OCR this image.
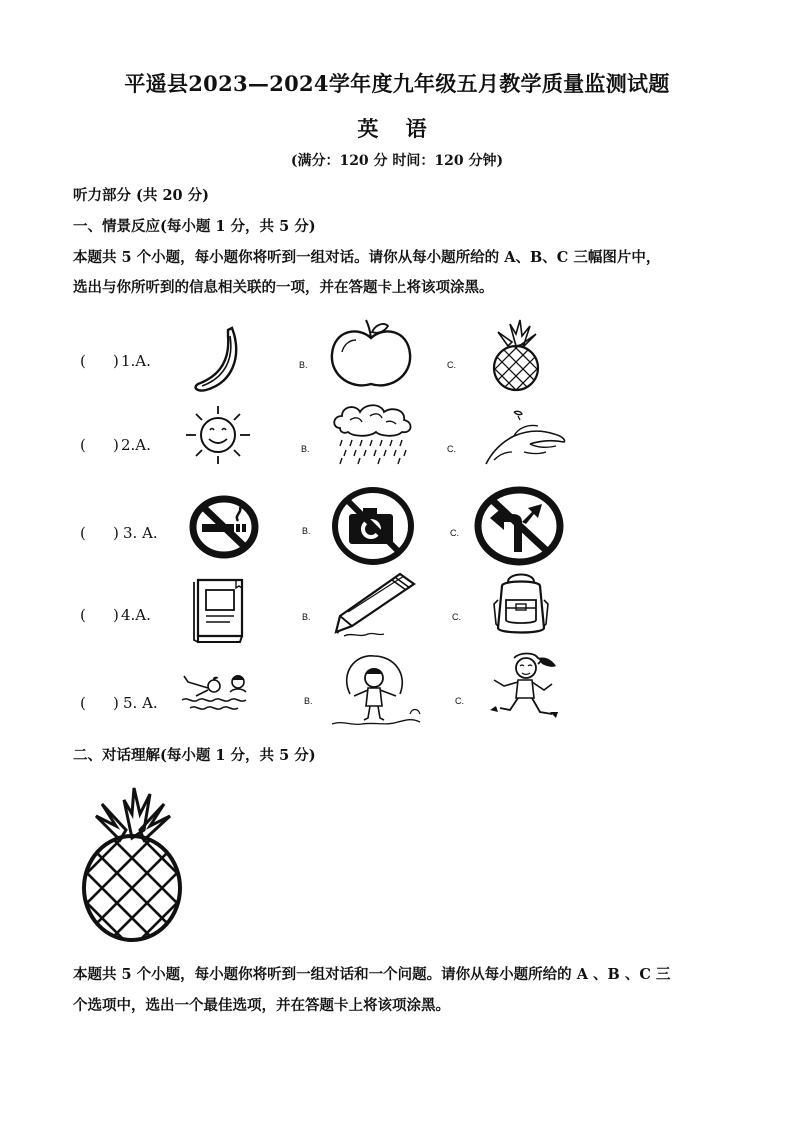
平遥县2023—2024学年度九年级五月教学质量监测试题
英 语
(满分：120 分 时间：120 分钟)
听力部分 (共 20 分)
一、情景反应(每小题 1 分，共 5 分)
本题共 5 个小题，每小题你将听到一组对话。请你从每小题所给的 A、B、C 三幅图片中，
选出与你所听到的信息相关联的一项，并在答题卡上将该项涂黑。
( ) 1.A.	B.	C.
( ) 2.A.	B.	C.
( ) 3. A.	B.	C.
( ) 4.A.	B.	C.
( ) 5. A.	B.	C.
二、对话理解(每小题 1 分，共 5 分)
本题共 5 个小题，每小题你将听到一组对话和一个问题。请你从每小题所给的 A 、B 、C 三
个选项中，选出一个最佳选项，并在答题卡上将该项涂黑。
